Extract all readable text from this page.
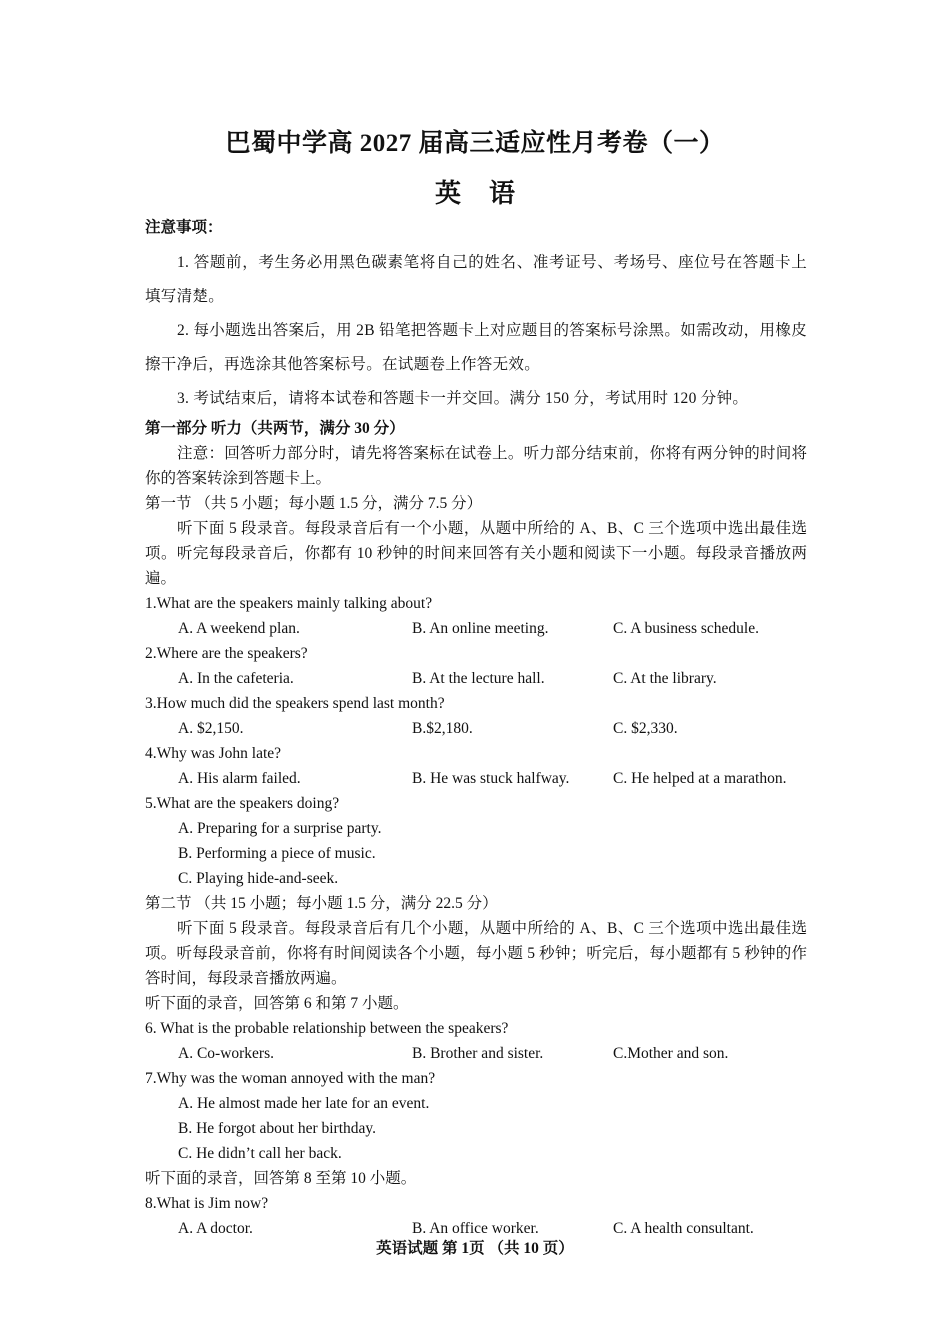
巴蜀中学高 2027 届高三适应性月考卷（一）
英语

注意事项：

1. 答题前，考生务必用黑色碳素笔将自己的姓名、准考证号、考场号、座位号在答题卡上填写清楚。

2. 每小题选出答案后，用 2B 铅笔把答题卡上对应题目的答案标号涂黑。如需改动，用橡皮擦干净后，再选涂其他答案标号。在试题卷上作答无效。

3. 考试结束后，请将本试卷和答题卡一并交回。满分 150 分，考试用时 120 分钟。

第一部分 听力（共两节，满分 30 分）

注意：回答听力部分时，请先将答案标在试卷上。听力部分结束前，你将有两分钟的时间将你的答案转涂到答题卡上。

第一节 （共 5 小题；每小题 1.5 分，满分 7.5 分）

听下面 5 段录音。每段录音后有一个小题，从题中所给的 A、B、C 三个选项中选出最佳选项。听完每段录音后，你都有 10 秒钟的时间来回答有关小题和阅读下一小题。每段录音播放两遍。

1.What are the speakers mainly talking about?

A. A weekend plan.	B. An online meeting.	C. A business schedule.

2.Where are the speakers?

A. In the cafeteria.	B. At the lecture hall.	C. At the library.

3.How much did the speakers spend last month?

A. $2,150.	B.$2,180.	C. $2,330.

4.Why was John late?

A. His alarm failed.	B. He was stuck halfway.	C. He helped at a marathon.

5.What are the speakers doing?

A. Preparing for a surprise party.

B. Performing a piece of music.

C. Playing hide-and-seek.

第二节 （共 15 小题；每小题 1.5 分，满分 22.5 分）

听下面 5 段录音。每段录音后有几个小题，从题中所给的 A、B、C 三个选项中选出最佳选项。听每段录音前，你将有时间阅读各个小题，每小题 5 秒钟；听完后，每小题都有 5 秒钟的作答时间，每段录音播放两遍。

听下面的录音，回答第 6 和第 7 小题。

6. What is the probable relationship between the speakers?

A. Co-workers.	B. Brother and sister.	C.Mother and son.

7.Why was the woman annoyed with the man?

A. He almost made her late for an event.

B. He forgot about her birthday.

C. He didn’t call her back.

听下面的录音，回答第 8 至第 10 小题。

8.What is Jim now?

A. A doctor.	B. An office worker.	C. A health consultant.
英语试题 第 1页 （共 10 页）
